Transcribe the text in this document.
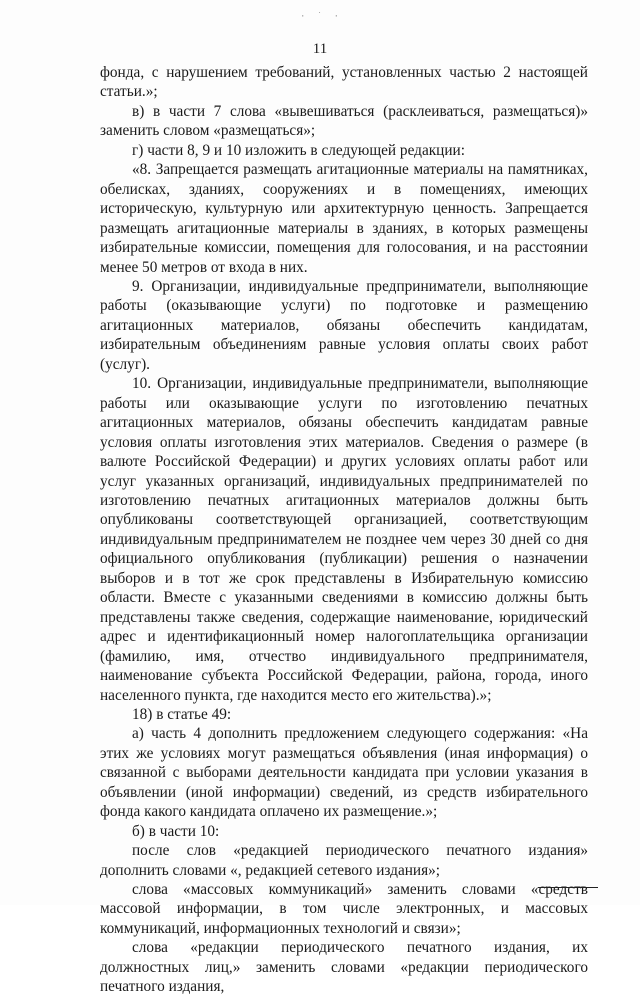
· ˙ ·
11

фонда, с нарушением требований, установленных частью 2 настоящей статьи.»;

в) в части 7 слова «вывешиваться (расклеиваться, размещаться)» заменить словом «размещаться»;

г) части 8, 9 и 10 изложить в следующей редакции:

«8. Запрещается размещать агитационные материалы на памятниках, обелисках, зданиях, сооружениях и в помещениях, имеющих историческую, культурную или архитектурную ценность. Запрещается размещать агитационные материалы в зданиях, в которых размещены избирательные комиссии, помещения для голосования, и на расстоянии менее 50 метров от входа в них.

9. Организации, индивидуальные предприниматели, выполняющие работы (оказывающие услуги) по подготовке и размещению агитационных материалов, обязаны обеспечить кандидатам, избирательным объединениям равные условия оплаты своих работ (услуг).

10. Организации, индивидуальные предприниматели, выполняющие работы или оказывающие услуги по изготовлению печатных агитационных материалов, обязаны обеспечить кандидатам равные условия оплаты изготовления этих материалов. Сведения о размере (в валюте Российской Федерации) и других условиях оплаты работ или услуг указанных организаций, индивидуальных предпринимателей по изготовлению печатных агитационных материалов должны быть опубликованы соответствующей организацией, соответствующим индивидуальным предпринимателем не позднее чем через 30 дней со дня официального опубликования (публикации) решения о назначении выборов и в тот же срок представлены в Избирательную комиссию области. Вместе с указанными сведениями в комиссию должны быть представлены также сведения, содержащие наименование, юридический адрес и идентификационный номер налогоплательщика организации (фамилию, имя, отчество индивидуального предпринимателя, наименование субъекта Российской Федерации, района, города, иного населенного пункта, где находится место его жительства).»;

18) в статье 49:

а) часть 4 дополнить предложением следующего содержания: «На этих же условиях могут размещаться объявления (иная информация) о связанной с выборами деятельности кандидата при условии указания в объявлении (иной информации) сведений, из средств избирательного фонда какого кандидата оплачено их размещение.»;

б) в части 10:

после слов «редакцией периодического печатного издания» дополнить словами «, редакцией сетевого издания»;

слова «массовых коммуникаций» заменить словами «средств массовой информации, в том числе электронных, и массовых коммуникаций, информационных технологий и связи»;

слова «редакции периодического печатного издания, их должностных лиц,» заменить словами «редакции периодического печатного издания,
